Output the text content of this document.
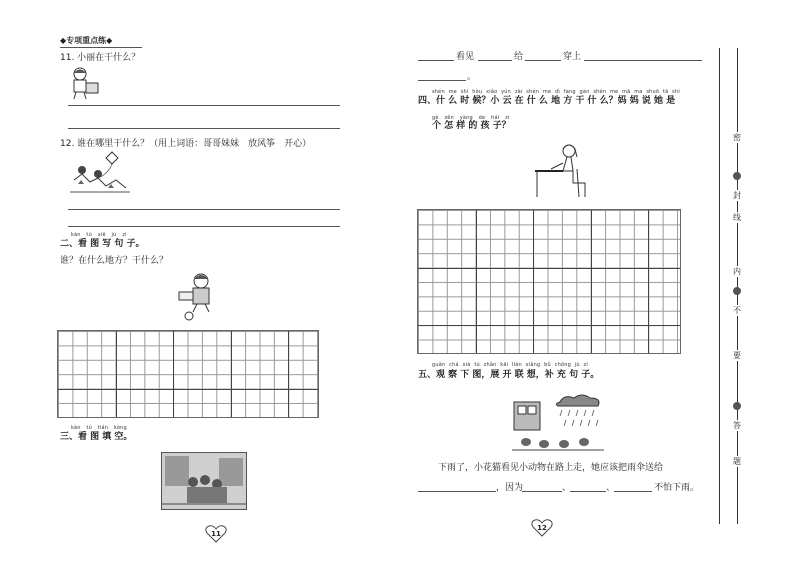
◆专项重点练◆
11. 小丽在干什么？
12. 谁在哪里干什么？（用上词语：哥哥妹妹　放风筝　开心）
kàn tú xiě jù zi
二、看 图 写 句 子。
谁？在什么地方？干什么？
kàn tú tián kòng
三、看 图 填 空。
11
看见	给	穿上
。
shén me shí hòu xiǎo yún zài shén me dì fang gàn shén me mā ma shuō tā shì
四、什 么 时 候？小 云 在 什 么 地 方 干 什 么？妈 妈 说 她 是
gè zěn yàng de hái zi
个 怎 样 的 孩 子？
guān chá xià tú zhǎn kāi lián xiǎng bǔ chōng jù zi
五、观 察 下 图，展 开 联 想，补 充 句 子。
下雨了，小花猫看见小动物在路上走，她应该把雨伞送给
，因为	、	、	不怕下雨。
12
密
封
线
内
不
要
答
题
